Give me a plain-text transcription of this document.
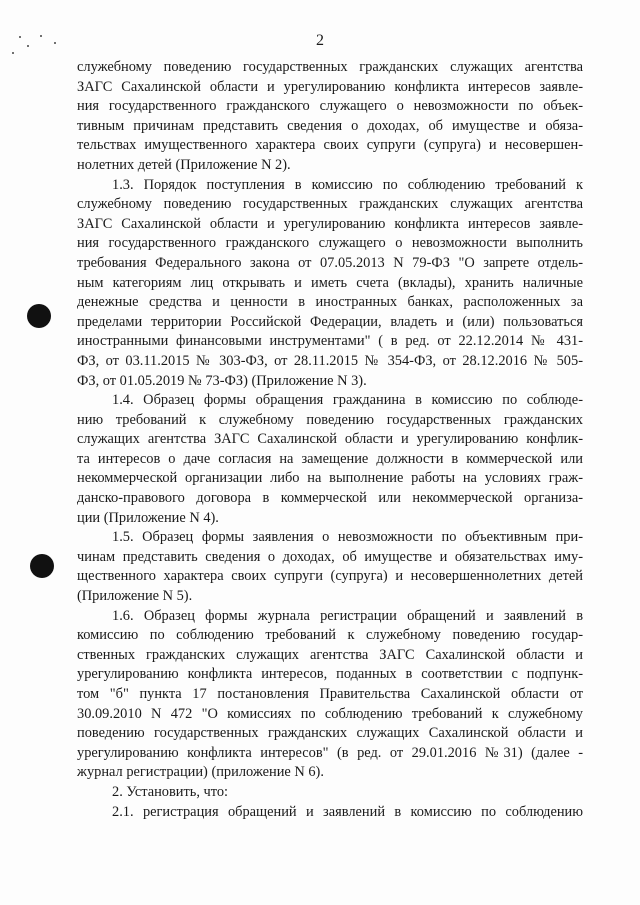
2
служебному поведению государственных гражданских служащих агентства
ЗАГС Сахалинской области и урегулированию конфликта интересов заявле-
ния государственного гражданского служащего о невозможности по объек-
тивным причинам представить сведения о доходах, об имуществе и обяза-
тельствах имущественного характера своих супруги (супруга) и несовершен-
нолетних детей (Приложение N 2).
1.3. Порядок поступления в комиссию по соблюдению требований к
служебному поведению государственных гражданских служащих агентства
ЗАГС Сахалинской области и урегулированию конфликта интересов заявле-
ния государственного гражданского служащего о невозможности выполнить
требования Федерального закона от 07.05.2013 N 79-ФЗ "О запрете отдель-
ным категориям лиц открывать и иметь счета (вклады), хранить наличные
денежные средства и ценности в иностранных банках, расположенных за
пределами территории Российской Федерации, владеть и (или) пользоваться
иностранными финансовыми инструментами" ( в ред. от 22.12.2014 № 431-
ФЗ, от 03.11.2015 № 303-ФЗ, от 28.11.2015 № 354-ФЗ, от 28.12.2016 № 505-
ФЗ, от 01.05.2019 № 73-ФЗ) (Приложение N 3).
1.4. Образец формы обращения гражданина в комиссию по соблюде-
нию требований к служебному поведению государственных гражданских
служащих агентства ЗАГС Сахалинской области и урегулированию конфлик-
та интересов о даче согласия на замещение должности в коммерческой или
некоммерческой организации либо на выполнение работы на условиях граж-
данско-правового договора в коммерческой или некоммерческой организа-
ции (Приложение N 4).
1.5. Образец формы заявления о невозможности по объективным при-
чинам представить сведения о доходах, об имуществе и обязательствах иму-
щественного характера своих супруги (супруга) и несовершеннолетних детей
(Приложение N 5).
1.6. Образец формы журнала регистрации обращений и заявлений в
комиссию по соблюдению требований к служебному поведению государ-
ственных гражданских служащих агентства ЗАГС Сахалинской области и
урегулированию конфликта интересов, поданных в соответствии с подпунк-
том "б" пункта 17 постановления Правительства Сахалинской области от
30.09.2010 N 472 "О комиссиях по соблюдению требований к служебному
поведению государственных гражданских служащих Сахалинской области и
урегулированию конфликта интересов" (в ред. от 29.01.2016 №31) (далее -
журнал регистрации) (приложение N 6).
2. Установить, что:
2.1. регистрация обращений и заявлений в комиссию по соблюдению
